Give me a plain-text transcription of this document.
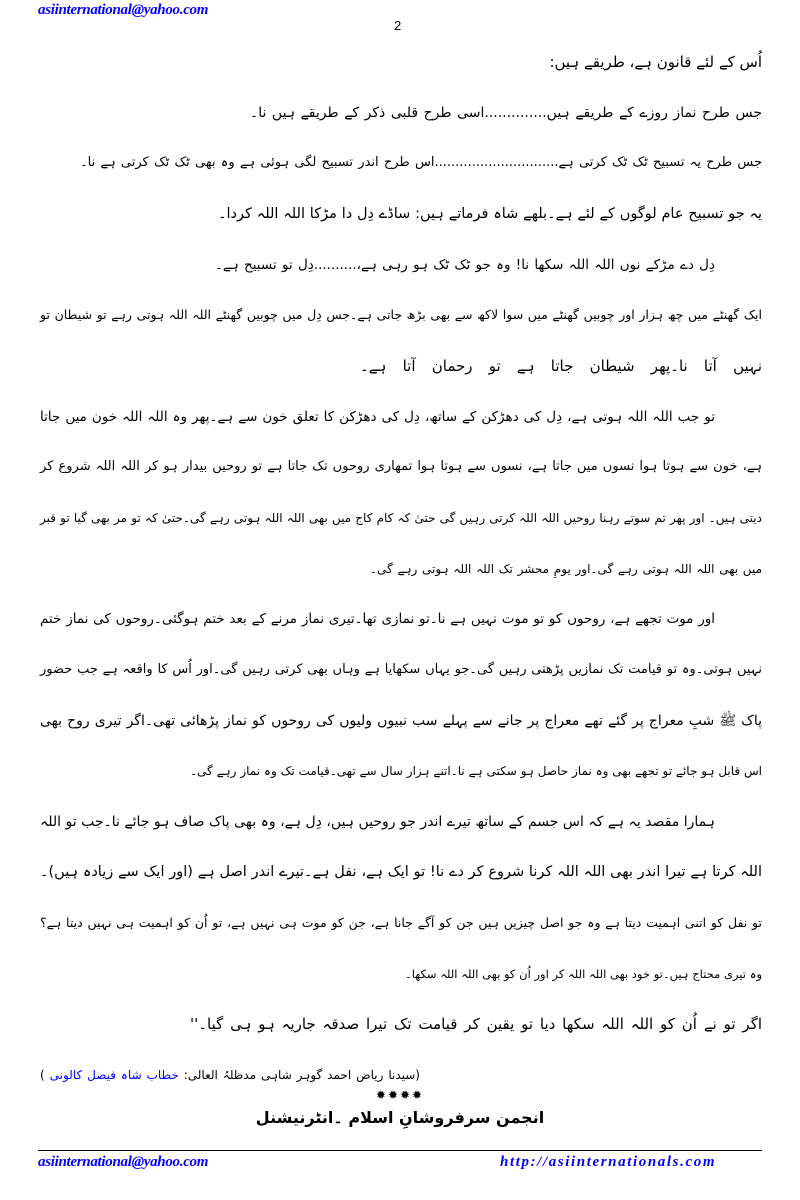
asiinternational@yahoo.com
2
اُس کے لئے قانون ہے، طریقے ہیں:
جس طرح نماز روزے کے طریقے ہیں..............اسی طرح قلبی ذکر کے طریقے ہیں نا۔
جس طرح یہ تسبیح ٹک ٹک کرتی ہے..............................اس طرح اندر تسبیح لگی ہوئی ہے وہ بھی ٹک ٹک کرتی ہے نا۔
یہ جو تسبیح عام لوگوں کے لئے ہے۔بلھے شاہ فرماتے ہیں: ساڈے دِل دا مڑکا اللہ اللہ کردا۔
دِل دے مڑکے نوں اللہ اللہ سکھا نا! وہ جو ٹک ٹک ہو رہی ہے،..........دِل تو تسبیح ہے۔
ایک گھنٹے میں چھ ہزار اور چوبیں گھنٹے میں سوا لاکھ سے بھی بڑھ جاتی ہے۔جس دِل میں چوبیں گھنٹے اللہ اللہ ہوتی رہے تو شیطان تو
نہیں آتا نا۔پھر شیطان جاتا ہے تو رحمان آتا ہے۔
تو جب اللہ اللہ ہوتی ہے، دِل کی دھڑکن کے ساتھ، دِل کی دھڑکن کا تعلق خون سے ہے۔پھر وہ اللہ اللہ خون میں جاتا
ہے، خون سے ہوتا ہوا نسوں میں جاتا ہے، نسوں سے ہوتا ہوا تمھاری روحوں تک جاتا ہے تو روحیں بیدار ہو کر اللہ اللہ شروع کر
دیتی ہیں۔ اور پھر تم سوتے رہنا روحیں اللہ اللہ کرتی رہیں گی حتیٰ کہ کام کاج میں بھی اللہ اللہ ہوتی رہے گی۔حتیٰ کہ تو مر بھی گیا تو قبر
میں بھی اللہ اللہ ہوتی رہے گی۔اور یومِ محشر تک اللہ اللہ ہوتی رہے گی۔
اور موت تجھے ہے، روحوں کو تو موت نہیں ہے نا۔تو نمازی تھا۔تیری نماز مرنے کے بعد ختم ہوگئی۔روحوں کی نماز ختم
نہیں ہوتی۔وہ تو قیامت تک نمازیں پڑھتی رہیں گی۔جو یہاں سکھایا ہے وہاں بھی کرتی رہیں گی۔اور اُس کا واقعہ ہے جب حضور
پاک ﷺ شبِ معراج پر گئے تھے معراج پر جانے سے پہلے سب نبیوں ولیوں کی روحوں کو نماز پڑھائی تھی۔اگر تیری روح بھی
اس قابل ہو جائے تو تجھے بھی وہ نماز حاصل ہو سکتی ہے نا۔اتنے ہزار سال سے تھی۔قیامت تک وہ نماز رہے گی۔
ہمارا مقصد یہ ہے کہ اس جسم کے ساتھ تیرے اندر جو روحیں ہیں، دِل ہے، وہ بھی پاک صاف ہو جائے نا۔جب تو اللہ
اللہ کرتا ہے تیرا اندر بھی اللہ اللہ کرنا شروع کر دے نا! تو ایک ہے، نفل ہے۔تیرے اندر اصل ہے (اور ایک سے زیادہ ہیں)۔
تو نفل کو اتنی اہمیت دیتا ہے وہ جو اصل چیزیں ہیں جن کو آگے جانا ہے، جن کو موت ہی نہیں ہے، تو اُن کو اہمیت ہی نہیں دیتا ہے؟
وہ تیری محتاج ہیں۔تو خود بھی اللہ اللہ کر اور اُن کو بھی اللہ اللہ سکھا۔
اگر تو نے اُن کو اللہ اللہ سکھا دیا تو یقین کر قیامت تک تیرا صدقہ جاریہ ہو ہی گیا۔''
(سیدنا ریاض احمد گوہر شاہی مدظلہُ العالی: خطاب شاہ فیصل کالونی )
✹✹✹✹
انجمن سرفروشانِ اسلام ۔انٹرنیشنل
asiinternational@yahoo.com	http://asiinternationals.com
